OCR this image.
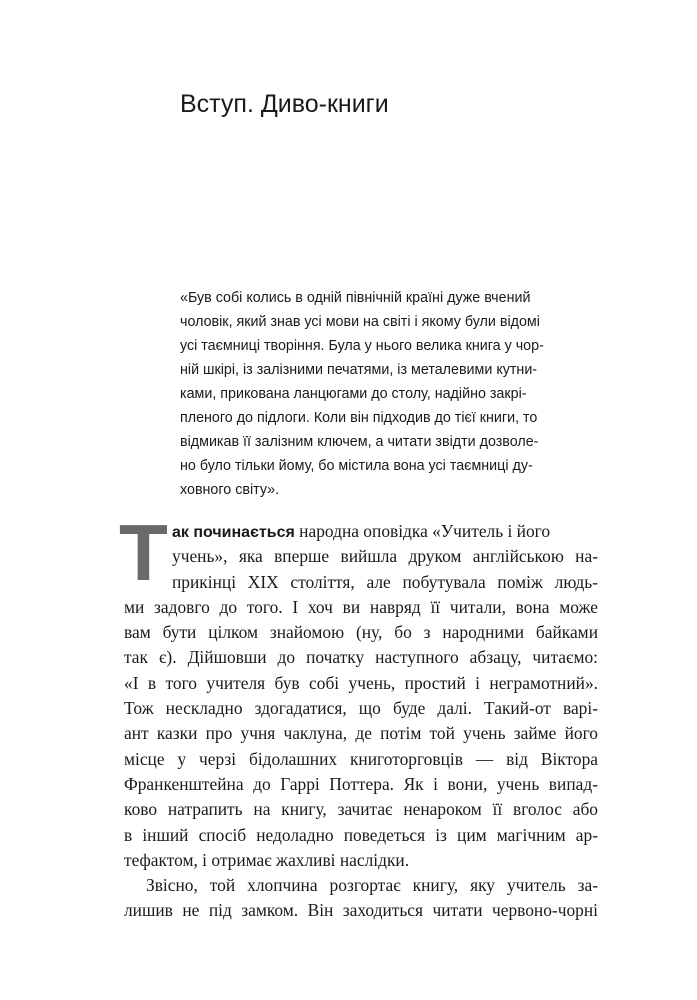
Вступ. Диво-книги
«Був собі колись в одній північній країні дуже вчений
чоловік, який знав усі мови на світі і якому були відомі
усі таємниці творіння. Була у нього велика книга у чор-
ній шкірі, із залізними печатями, із металевими кутни-
ками, прикована ланцюгами до столу, надійно закрі-
пленого до підлоги. Коли він підходив до тієї книги, то
відмикав її залізним ключем, а читати звідти дозволе-
но було тільки йому, бо містила вона усі таємниці ду-
ховного світу».
Т ак починається народна оповідка «Учитель і його
учень», яка вперше вийшла друком англійською на-
прикінці XIX століття, але побутувала поміж людь-
ми задовго до того. І хоч ви навряд її читали, вона може
вам бути цілком знайомою (ну, бо з народними байками
так є). Дійшовши до початку наступного абзацу, читаємо:
«І в того учителя був собі учень, простий і неграмотний».
Тож нескладно здогадатися, що буде далі. Такий-от варі-
ант казки про учня чаклуна, де потім той учень займе його
місце у черзі бідолашних книготорговців — від Віктора
Франкенштейна до Гаррі Поттера. Як і вони, учень випад-
ково натрапить на книгу, зачитає ненароком її вголос або
в інший спосіб недоладно поведеться із цим магічним ар-
тефактом, і отримає жахливі наслідки.
Звісно, той хлопчина розгортає книгу, яку учитель за-
лишив не під замком. Він заходиться читати червоно-чорні
